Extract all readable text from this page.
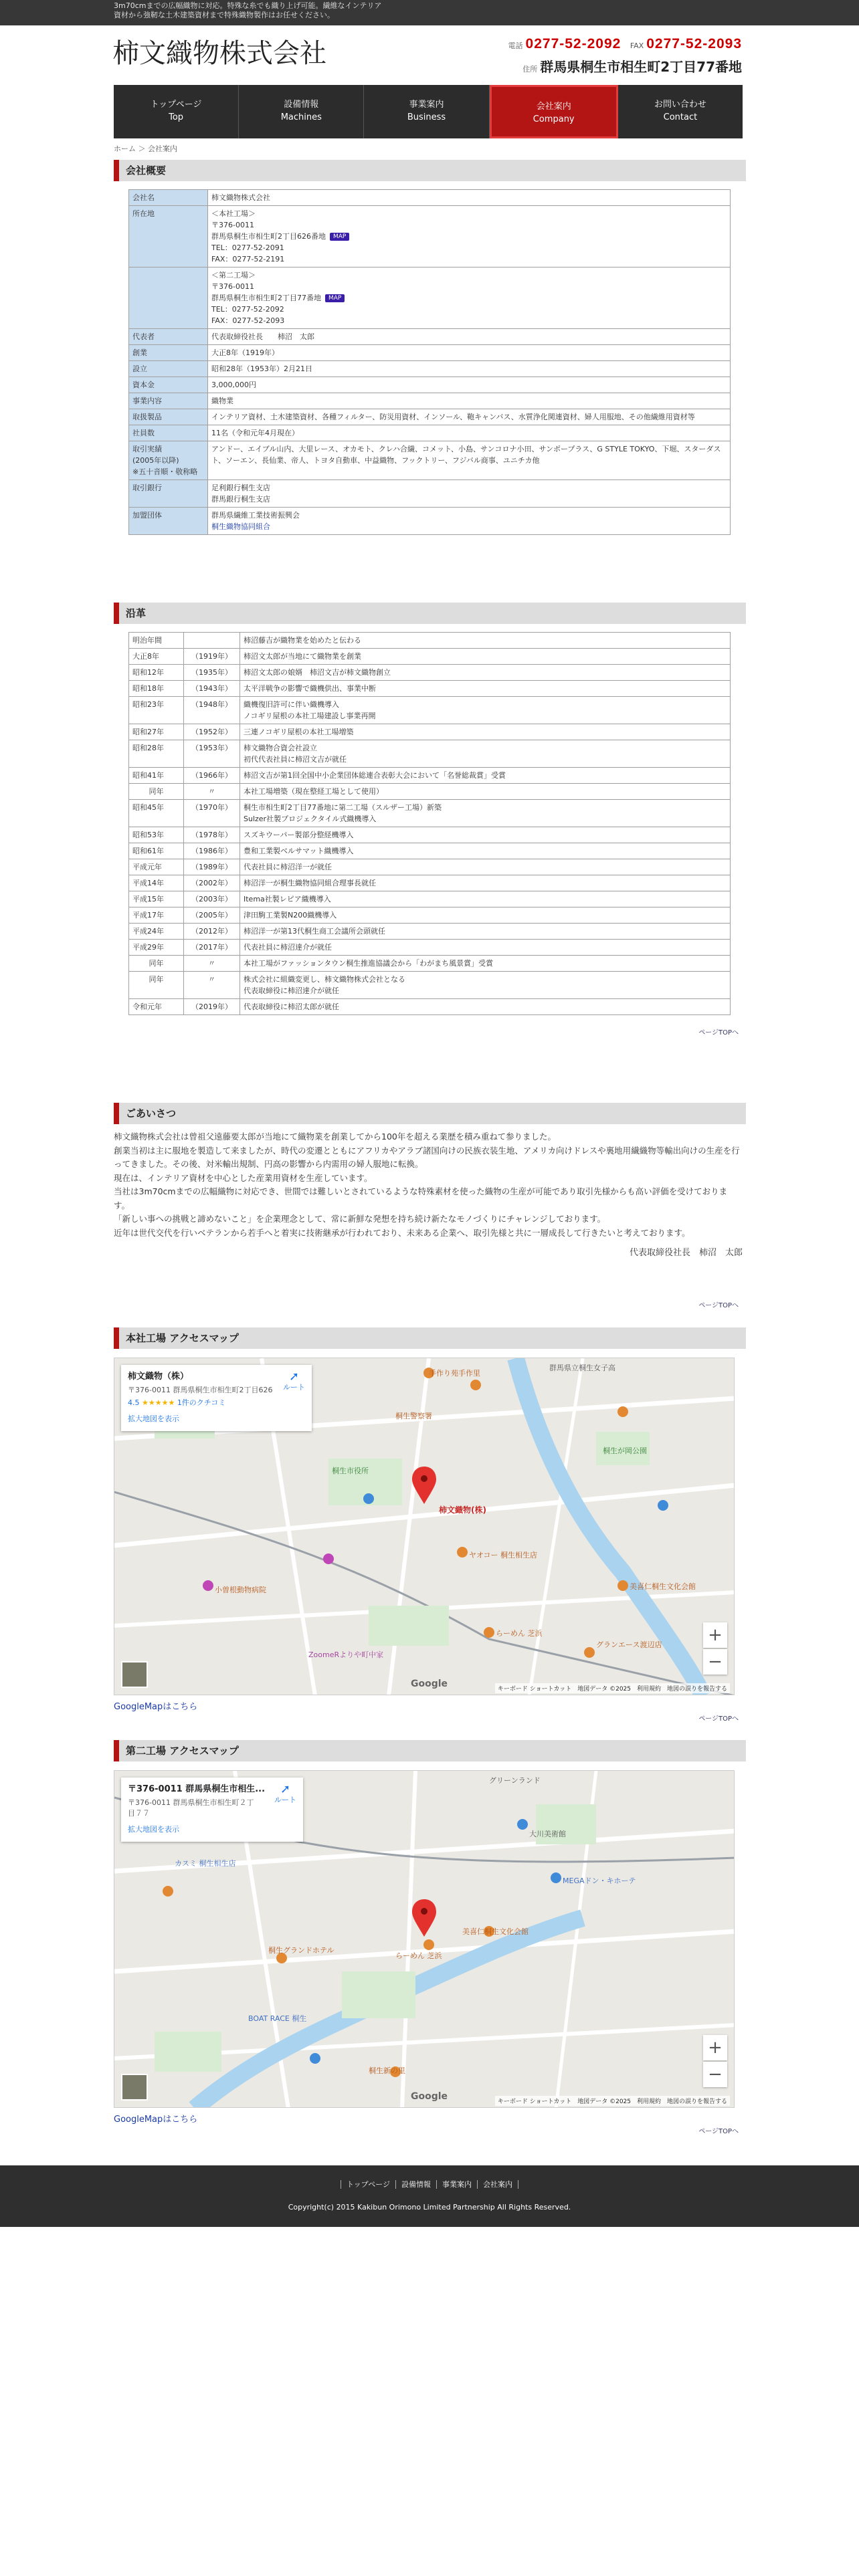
3m70cmまでの広幅織物に対応。特殊な糸でも織り上げ可能。繊維なインテリア
資材から強靭な土木建築資材まで特殊織物製作はお任せください。
柿文織物株式会社	電話 0277-52-2092 FAX 0277-52-2093
住所 群馬県桐生市相生町2丁目77番地
トップページ
Top
設備情報
Machines
事業案内
Business
会社案内
Company
お問い合わせ
Contact
ホーム ＞ 会社案内
会社概要
会社名	柿文織物株式会社

所在地	＜本社工場＞
〒376-0011
群馬県桐生市相生町2丁目626番地 MAP
TEL：0277-52-2091
FAX：0277-52-2191

	＜第二工場＞
〒376-0011
群馬県桐生市相生町2丁目77番地 MAP
TEL：0277-52-2092
FAX：0277-52-2093

代表者	代表取締役社長　　柿沼　太郎

創業	大正8年（1919年）

設立	昭和28年（1953年）2月21日

資本金	3,000,000円

事業内容	織物業

取扱製品	インテリア資材、土木建築資材、各種フィルター、防災用資材、インソール、鞄キャンバス、水質浄化関連資材、婦人用服地、その他繊維用資材等

社員数	11名（令和元年4月現在）

取引実績
(2005年以降)
※五十音順・敬称略	アンドー、エイブル山内、大里レース、オカモト、クレハ合繊、コメット、小島、サンコロナ小田、サンポープラス、G STYLE TOKYO、下堀、スターダスト、ソーエン、長仙業、帝人、トヨタ自動車、中益織物、フックトリー、フジバル商事、ユニチカ他

取引銀行	足利銀行桐生支店
群馬銀行桐生支店

加盟団体	群馬県繊維工業技術振興会
桐生織物協同組合
沿革
明治年間		柿沼藤吉が織物業を始めたと伝わる
大正8年	（1919年）	柿沼文太郎が当地にて織物業を創業
昭和12年	（1935年）	柿沼文太郎の娘婿　柿沼文吉が柿文織物創立
昭和18年	（1943年）	太平洋戦争の影響で織機供出、事業中断
昭和23年	（1948年）	織機復旧許可に伴い織機導入
ノコギリ屋根の本社工場建設し事業再開
昭和27年	（1952年）	三連ノコギリ屋根の本社工場増築
昭和28年	（1953年）	柿文織物合資会社設立
初代代表社員に柿沼文吉が就任
昭和41年	（1966年）	柿沼文吉が第1回全国中小企業団体総連合表彰大会において「名誉総裁賞」受賞
同年	〃	本社工場増築（現在整経工場として使用）
昭和45年	（1970年）	桐生市相生町2丁目77番地に第二工場（スルザー工場）新築
Sulzer社製プロジェクタイル式織機導入
昭和53年	（1978年）	スズキウーパー製部分整経機導入
昭和61年	（1986年）	豊和工業製ベルサマット織機導入
平成元年	（1989年）	代表社員に柿沼洋一が就任
平成14年	（2002年）	柿沼洋一が桐生織物協同組合理事長就任
平成15年	（2003年）	Itema社製レピア織機導入
平成17年	（2005年）	津田駒工業製N200織機導入
平成24年	（2012年）	柿沼洋一が第13代桐生商工会議所会頭就任
平成29年	（2017年）	代表社員に柿沼達介が就任
同年	〃	本社工場がファッションタウン桐生推進協議会から「わがまち風景賞」受賞
同年	〃	株式会社に組織変更し、柿文織物株式会社となる
代表取締役に柿沼達介が就任
令和元年	（2019年）	代表取締役に柿沼太郎が就任
ページTOPへ
ごあいさつ
柿文織物株式会社は曾祖父遠藤要太郎が当地にて織物業を創業してから100年を超える業歴を積み重ねて参りました。
創業当初は主に服地を製造して来ましたが、時代の変遷とともにアフリカやアラブ諸国向けの民族衣装生地、アメリカ向けドレスや裏地用繊織物等輸出向けの生産を行ってきました。その後、対米輸出規制、円高の影響から内需用の婦人服地に転換。
現在は、インテリア資材を中心とした産業用資材を生産しています。
当社は3m70cmまでの広幅織物に対応でき、世間では難しいとされているような特殊素材を使った織物の生産が可能であり取引先様からも高い評価を受けております。
「新しい事への挑戦と諦めないこと」を企業理念として、常に新鮮な発想を持ち続け新たなモノづくりにチャレンジしております。
近年は世代交代を行いベテランから若手へと着実に技術継承が行われており、未来ある企業へ、取引先様と共に一層成長して行きたいと考えております。
代表取締役社長　柿沼　太郎
ページTOPへ
本社工場 アクセスマップ
柿文織物(株)
手作り苑手作里
群馬県立桐生女子高
桐生市役所
桐生警察署
桐生が岡公園
小曽根動物病院
ヤオコー 桐生相生店
グランエース渡辺店
らーめん 芝浜
美喜仁桐生文化会館
ZoomeRよりや町中家
柿文織物（株）
〒376-0011 群馬県桐生市相生町2丁目626
4.5 ★★★★★ 1件のクチコミ
拡大地図を表示
➚
ルート
+
−
Google	キーボード ショートカット　地図データ ©2025　利用規約　地図の誤りを報告する
GoogleMapはこちら
ページTOPへ
第二工場 アクセスマップ
グリーンランド
大川美術館
カスミ 桐生相生店
MEGAドン・キホーテ
桐生グランドホテル
らーめん 芝浜
BOAT RACE 桐生
桐生新の里
美喜仁桐生文化会館
〒376-0011 群馬県桐生市相生...
〒376-0011 群馬県桐生市相生町２丁目７７
拡大地図を表示
➚
ルート
+
−
Google	キーボード ショートカット　地図データ ©2025　利用規約　地図の誤りを報告する
GoogleMapはこちら
ページTOPへ
トップページ 設備情報 事業案内 会社案内
Copyright(c) 2015 Kakibun Orimono Limited Partnership All Rights Reserved.
